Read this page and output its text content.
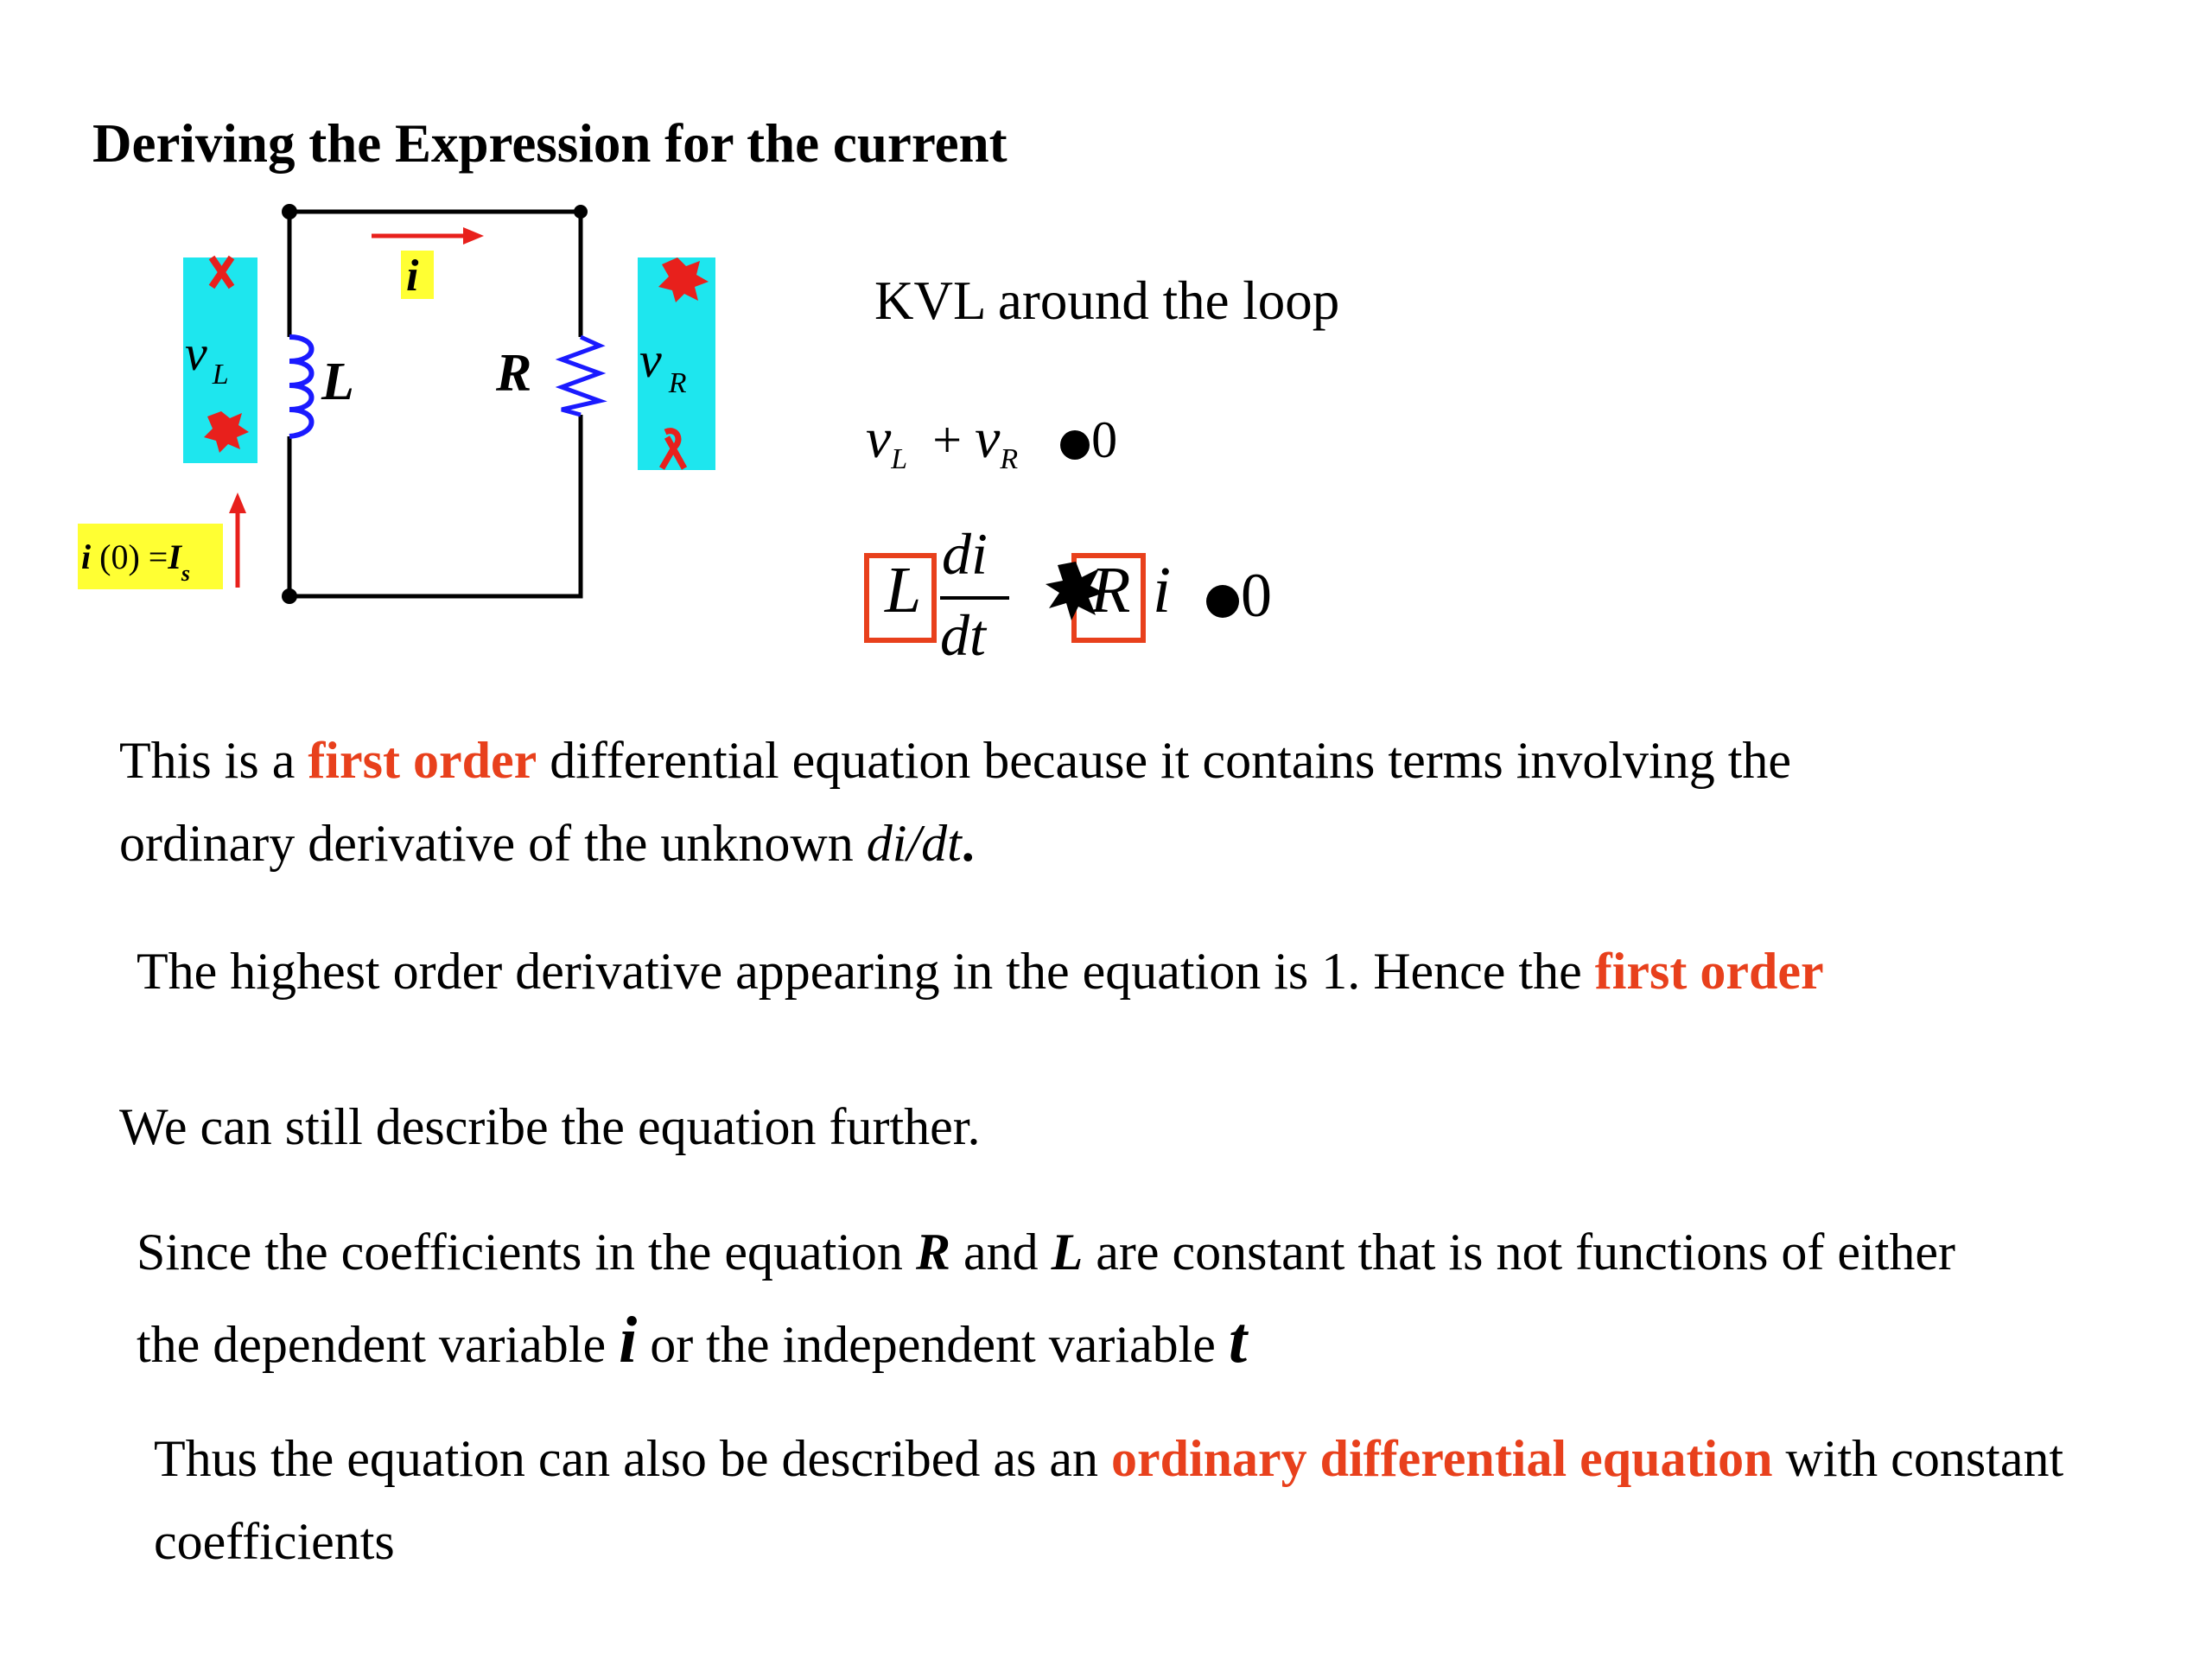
Deriving the Expression for the current
i
L	R
v $_L$	v $_R$
i $(0) =I_s$
KVL around the loop
$v_L + v_R$ 0
L di
dt
R i	0
This is a first order differential equation because it contains terms involving the
ordinary derivative of the unknown di/dt.
The highest order derivative appearing in the equation is 1. Hence the first order
We can still describe the equation further.
Since the coefficients in the equation R and L are constant that is not functions of either
the dependent variable i or the independent variable t
Thus the equation can also be described as an ordinary differential equation with constant
coefficients
